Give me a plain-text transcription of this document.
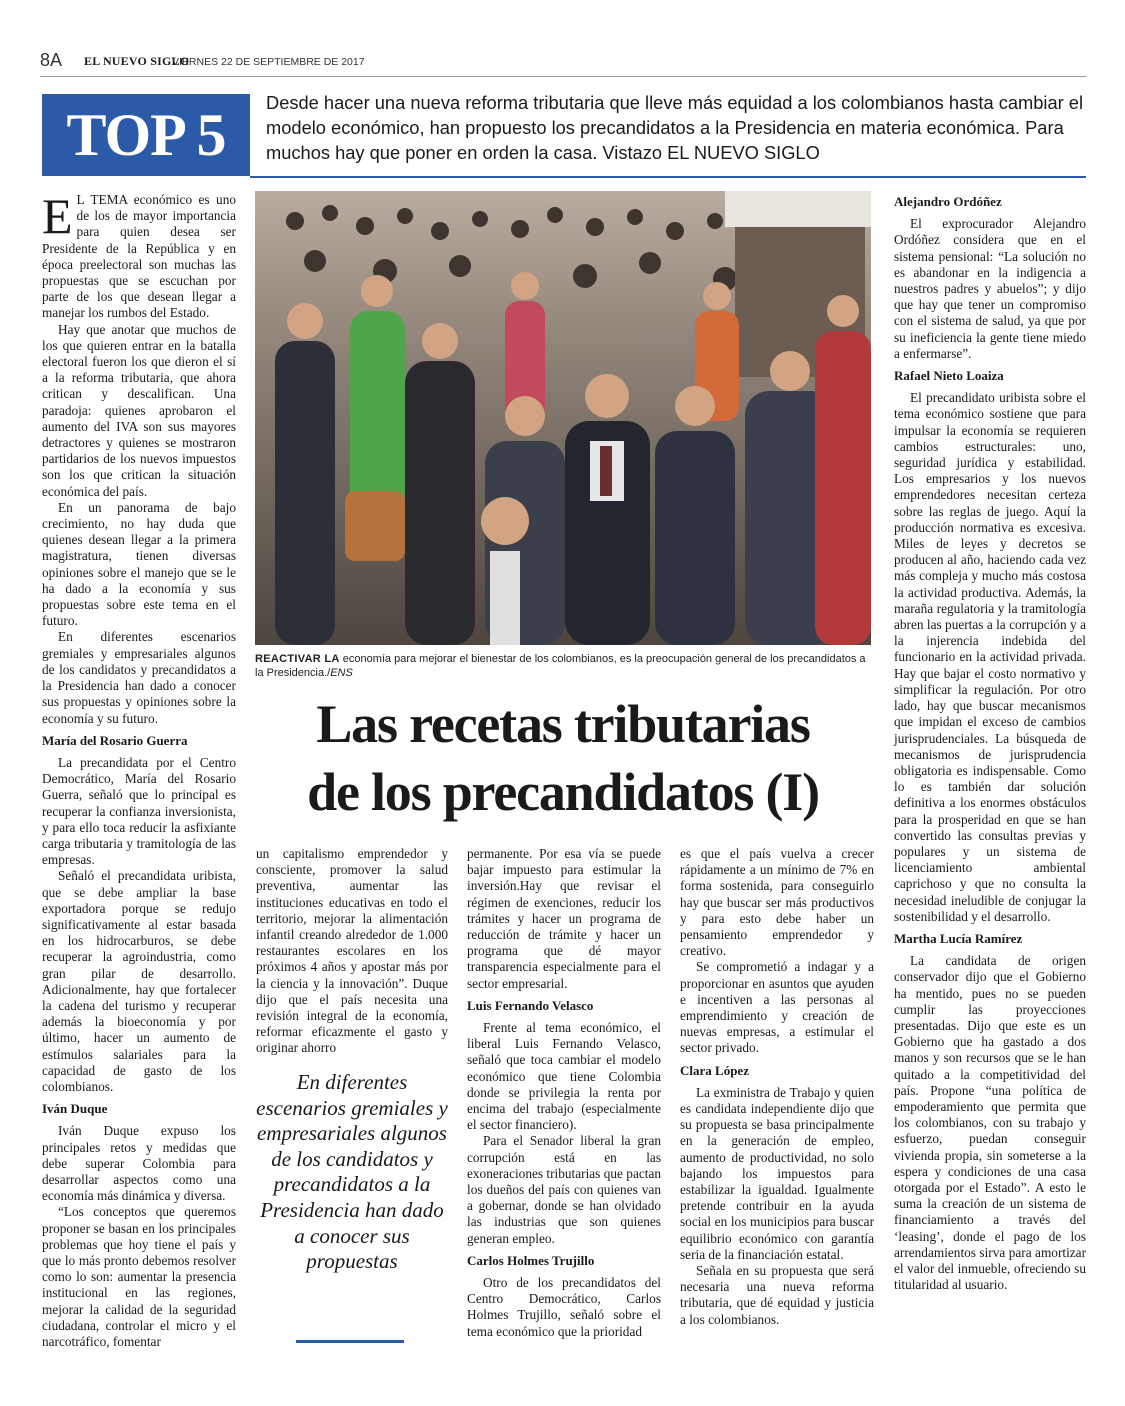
8A EL NUEVO SIGLO
VIERNES 22 DE SEPTIEMBRE DE 2017
TOP 5	Desde hacer una nueva reforma tributaria que lleve más equidad a los colombianos hasta cambiar el modelo económico, han propuesto los precandidatos a la Presidencia en materia económica. Para muchos hay que poner en orden la casa. Vistazo EL NUEVO SIGLO

E L TEMA económico es uno de los de mayor importancia para quien desea ser Presidente de la República y en época preelectoral son muchas las propuestas que se escuchan por parte de los que desean llegar a manejar los rumbos del Estado.

Hay que anotar que muchos de los que quieren entrar en la batalla electoral fueron los que dieron el sí a la reforma tributaria, que ahora critican y descalifican. Una paradoja: quienes aprobaron el aumento del IVA son sus mayores detractores y quienes se mostraron partidarios de los nuevos impuestos son los que critican la situación económica del país.

En un panorama de bajo crecimiento, no hay duda que quienes desean llegar a la primera magistratura, tienen diversas opiniones sobre el manejo que se le ha dado a la economía y sus propuestas sobre este tema en el futuro.

En diferentes escenarios gremiales y empresariales algunos de los candidatos y precandidatos a la Presidencia han dado a conocer sus propuestas y opiniones sobre la economía y su futuro.

María del Rosario Guerra

La precandidata por el Centro Democrático, María del Rosario Guerra, señaló que lo principal es recuperar la confianza inversionista, y para ello toca reducir la asfixiante carga tributaria y tramitología de las empresas.

Señaló el precandidata uribista, que se debe ampliar la base exportadora porque se redujo significativamente al estar basada en los hidrocarburos, se debe recuperar la agroindustria, como gran pilar de desarrollo. Adicionalmente, hay que fortalecer la cadena del turismo y recuperar además la bioeconomía y por último, hacer un aumento de estímulos salariales para la capacidad de gasto de los colombianos.

Iván Duque

Iván Duque expuso los principales retos y medidas que debe superar Colombia para desarrollar aspectos como una economía más dinámica y diversa.

“Los conceptos que queremos proponer se basan en los principales problemas que hoy tiene el país y que lo más pronto debemos resolver como lo son: aumentar la presencia institucional en las regiones, mejorar la calidad de la seguridad ciudadana, controlar el micro y el narcotráfico, fomentar

REACTIVAR LA economía para mejorar el bienestar de los colombianos, es la preocupación general de los precandidatos a la Presidencia./ENS
Las recetas tributarias
de los precandidatos (I)

un capitalismo emprendedor y consciente, promover la salud preventiva, aumentar las instituciones educativas en todo el territorio, mejorar la alimentación infantil creando alrededor de 1.000 restaurantes escolares en los próximos 4 años y apostar más por la ciencia y la innovación”. Duque dijo que el país necesita una revisión integral de la economía, reformar eficazmente el gasto y originar ahorro

En diferentes escenarios gremiales y empresariales algunos de los candidatos y precandidatos a la Presidencia han dado a conocer sus propuestas

permanente. Por esa vía se puede bajar impuesto para estimular la inversión.Hay que revisar el régimen de exenciones, reducir los trámites y hacer un programa de reducción de trámite y hacer un programa que dé mayor transparencia especialmente para el sector empresarial.

Luis Fernando Velasco

Frente al tema económico, el liberal Luis Fernando Velasco, señaló que toca cambiar el modelo económico que tiene Colombia donde se privilegia la renta por encima del trabajo (especialmente el sector financiero).

Para el Senador liberal la gran corrupción está en las exoneraciones tributarias que pactan los dueños del país con quienes van a gobernar, donde se han olvidado las industrias que son quienes generan empleo.

Carlos Holmes Trujillo

Otro de los precandidatos del Centro Democrático, Carlos Holmes Trujillo, señaló sobre el tema económico que la prioridad

es que el país vuelva a crecer rápidamente a un mínimo de 7% en forma sostenida, para conseguirlo hay que buscar ser más productivos y para esto debe haber un pensamiento emprendedor y creativo.

Se comprometió a indagar y a proporcionar en asuntos que ayuden e incentiven a las personas al emprendimiento y creación de nuevas empresas, a estimular el sector privado.

Clara López

La exministra de Trabajo y quien es candidata independiente dijo que su propuesta se basa principalmente en la generación de empleo, aumento de productividad, no solo bajando los impuestos para estabilizar la igualdad. Igualmente pretende contribuir en la ayuda social en los municipios para buscar equilibrio económico con garantía seria de la financiación estatal.

Señala en su propuesta que será necesaria una nueva reforma tributaria, que dé equidad y justicia a los colombianos.

Alejandro Ordóñez

El exprocurador Alejandro Ordóñez considera que en el sistema pensional: “La solución no es abandonar en la indigencia a nuestros padres y abuelos”; y dijo que hay que tener un compromiso con el sistema de salud, ya que por su ineficiencia la gente tiene miedo a enfermarse”.

Rafael Nieto Loaiza

El precandidato uribista sobre el tema económico sostiene que para impulsar la economía se requieren cambios estructurales: uno, seguridad jurídica y estabilidad. Los empresarios y los nuevos emprendedores necesitan certeza sobre las reglas de juego. Aquí la producción normativa es excesiva. Miles de leyes y decretos se producen al año, haciendo cada vez más compleja y mucho más costosa la actividad productiva. Además, la maraña regulatoria y la tramitología abren las puertas a la corrupción y a la injerencia indebida del funcionario en la actividad privada. Hay que bajar el costo normativo y simplificar la regulación. Por otro lado, hay que buscar mecanismos que impidan el exceso de cambios jurisprudenciales. La búsqueda de mecanismos de jurisprudencia obligatoria es indispensable. Como lo es también dar solución definitiva a los enormes obstáculos para la prosperidad en que se han convertido las consultas previas y populares y un sistema de licenciamiento ambiental caprichoso y que no consulta la necesidad ineludible de conjugar la sostenibilidad y el desarrollo.

Martha Lucía Ramírez

La candidata de origen conservador dijo que el Gobierno ha mentido, pues no se pueden cumplir las proyecciones presentadas. Dijo que este es un Gobierno que ha gastado a dos manos y son recursos que se le han quitado a la competitividad del país. Propone “una política de empoderamiento que permita que los colombianos, con su trabajo y esfuerzo, puedan conseguir vivienda propia, sin someterse a la espera y condiciones de una casa otorgada por el Estado”. A esto le suma la creación de un sistema de financiamiento a través del ‘leasing’, donde el pago de los arrendamientos sirva para amortizar el valor del inmueble, ofreciendo su titularidad al usuario.
